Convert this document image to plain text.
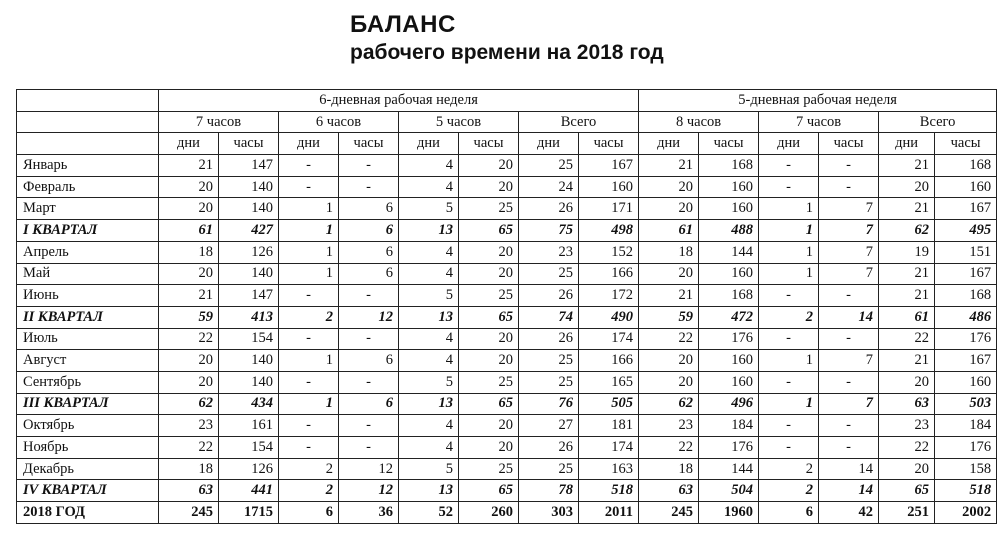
БАЛАНС
рабочего времени на 2018 год
	6-дневная рабочая неделя								5-дневная рабочая неделя					
	7 часов		6 часов		5 часов		Всего		8 часов		7 часов		Всего	
	дни	часы	дни	часы	дни	часы	дни	часы	дни	часы	дни	часы	дни	часы
Январь	21	147	-	-	4	20	25	167	21	168	-	-	21	168
Февраль	20	140	-	-	4	20	24	160	20	160	-	-	20	160
Март	20	140	1	6	5	25	26	171	20	160	1	7	21	167
I КВАРТАЛ	61	427	1	6	13	65	75	498	61	488	1	7	62	495
Апрель	18	126	1	6	4	20	23	152	18	144	1	7	19	151
Май	20	140	1	6	4	20	25	166	20	160	1	7	21	167
Июнь	21	147	-	-	5	25	26	172	21	168	-	-	21	168
II КВАРТАЛ	59	413	2	12	13	65	74	490	59	472	2	14	61	486
Июль	22	154	-	-	4	20	26	174	22	176	-	-	22	176
Август	20	140	1	6	4	20	25	166	20	160	1	7	21	167
Сентябрь	20	140	-	-	5	25	25	165	20	160	-	-	20	160
III КВАРТАЛ	62	434	1	6	13	65	76	505	62	496	1	7	63	503
Октябрь	23	161	-	-	4	20	27	181	23	184	-	-	23	184
Ноябрь	22	154	-	-	4	20	26	174	22	176	-	-	22	176
Декабрь	18	126	2	12	5	25	25	163	18	144	2	14	20	158
IV КВАРТАЛ	63	441	2	12	13	65	78	518	63	504	2	14	65	518
2018 ГОД	245	1715	6	36	52	260	303	2011	245	1960	6	42	251	2002
